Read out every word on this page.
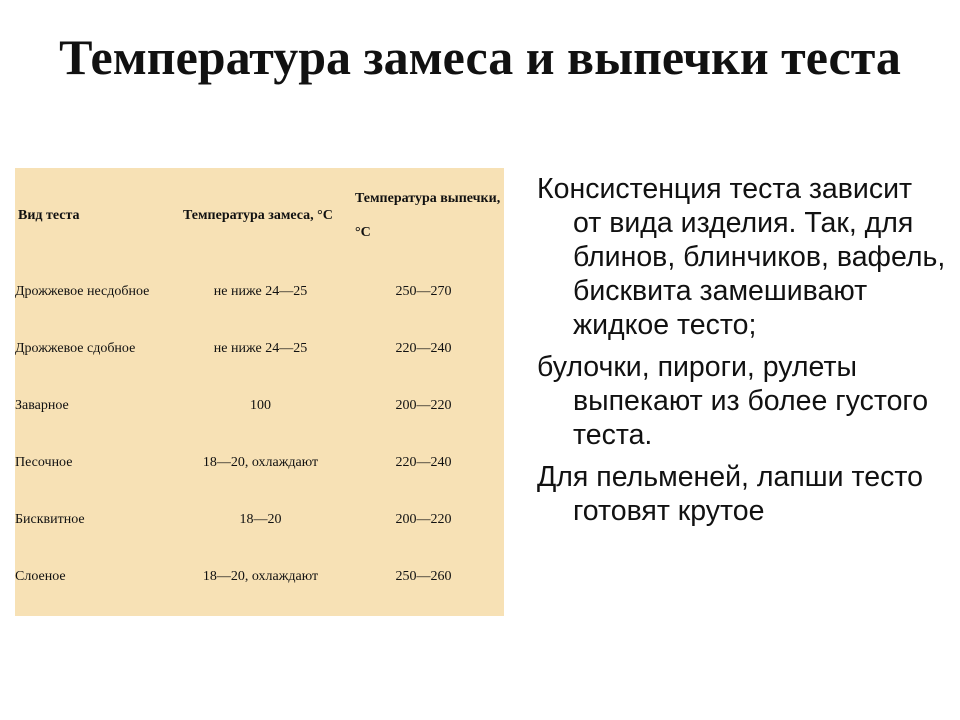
Температура замеса и выпечки теста
Вид теста	Температура замеса, °С	Температура выпечки, °С
Дрожжевое несдобное	не ниже 24—25	250—270
Дрожжевое сдобное	не ниже 24—25	220—240
Заварное	100	200—220
Песочное	18—20, охлаждают	220—240
Бисквитное	18—20	200—220
Слоеное	18—20, охлаждают	250—260

Консистенция теста зависит от вида изделия. Так, для блинов, блинчиков, вафель, бисквита замешивают жидкое тесто;

булочки, пироги, рулеты выпекают из более густого теста.

Для пельменей, лапши тесто готовят крутое
